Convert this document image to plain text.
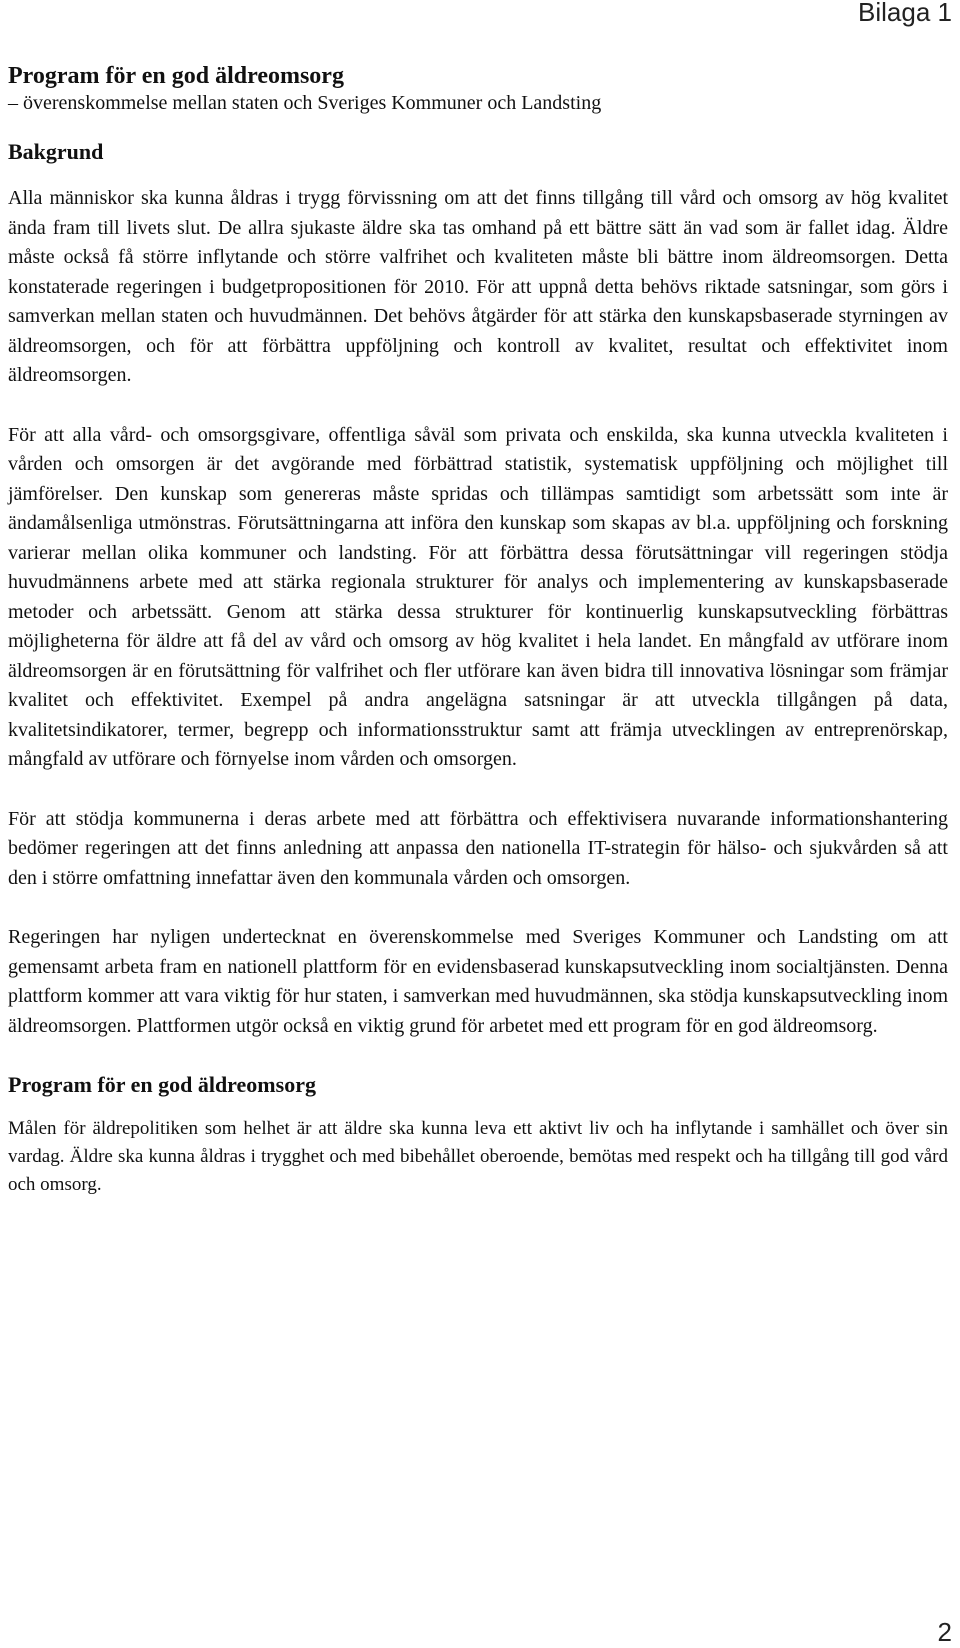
Bilaga 1
Program för en god äldreomsorg
– överenskommelse mellan staten och Sveriges Kommuner och Landsting
Bakgrund

Alla människor ska kunna åldras i trygg förvissning om att det finns tillgång till vård och omsorg av hög kvalitet ända fram till livets slut. De allra sjukaste äldre ska tas omhand på ett bättre sätt än vad som är fallet idag. Äldre måste också få större inflytande och större valfrihet och kvaliteten måste bli bättre inom äldreomsorgen. Detta konstaterade regeringen i budgetpropositionen för 2010. För att uppnå detta behövs riktade satsningar, som görs i samverkan mellan staten och huvudmännen. Det behövs åtgärder för att stärka den kunskapsbaserade styrningen av äldreomsorgen, och för att förbättra uppföljning och kontroll av kvalitet, resultat och effektivitet inom äldreomsorgen.

För att alla vård- och omsorgsgivare, offentliga såväl som privata och enskilda, ska kunna utveckla kvaliteten i vården och omsorgen är det avgörande med förbättrad statistik, systematisk uppföljning och möjlighet till jämförelser. Den kunskap som genereras måste spridas och tillämpas samtidigt som arbetssätt som inte är ändamålsenliga utmönstras. Förutsättningarna att införa den kunskap som skapas av bl.a. uppföljning och forskning varierar mellan olika kommuner och landsting. För att förbättra dessa förutsättningar vill regeringen stödja huvudmännens arbete med att stärka regionala strukturer för analys och implementering av kunskapsbaserade metoder och arbetssätt. Genom att stärka dessa strukturer för kontinuerlig kunskapsutveckling förbättras möjligheterna för äldre att få del av vård och omsorg av hög kvalitet i hela landet. En mångfald av utförare inom äldreomsorgen är en förutsättning för valfrihet och fler utförare kan även bidra till innovativa lösningar som främjar kvalitet och effektivitet. Exempel på andra angelägna satsningar är att utveckla tillgången på data, kvalitetsindikatorer, termer, begrepp och informationsstruktur samt att främja utvecklingen av entreprenörskap, mångfald av utförare och förnyelse inom vården och omsorgen.

För att stödja kommunerna i deras arbete med att förbättra och effektivisera nuvarande informationshantering bedömer regeringen att det finns anledning att anpassa den nationella IT-strategin för hälso- och sjukvården så att den i större omfattning innefattar även den kommunala vården och omsorgen.

Regeringen har nyligen undertecknat en överenskommelse med Sveriges Kommuner och Landsting om att gemensamt arbeta fram en nationell plattform för en evidensbaserad kunskapsutveckling inom socialtjänsten. Denna plattform kommer att vara viktig för hur staten, i samverkan med huvudmännen, ska stödja kunskapsutveckling inom äldreomsorgen. Plattformen utgör också en viktig grund för arbetet med ett program för en god äldreomsorg.

Program för en god äldreomsorg

Målen för äldrepolitiken som helhet är att äldre ska kunna leva ett aktivt liv och ha inflytande i samhället och över sin vardag. Äldre ska kunna åldras i trygghet och med bibehållet oberoende, bemötas med respekt och ha tillgång till god vård och omsorg.

2
